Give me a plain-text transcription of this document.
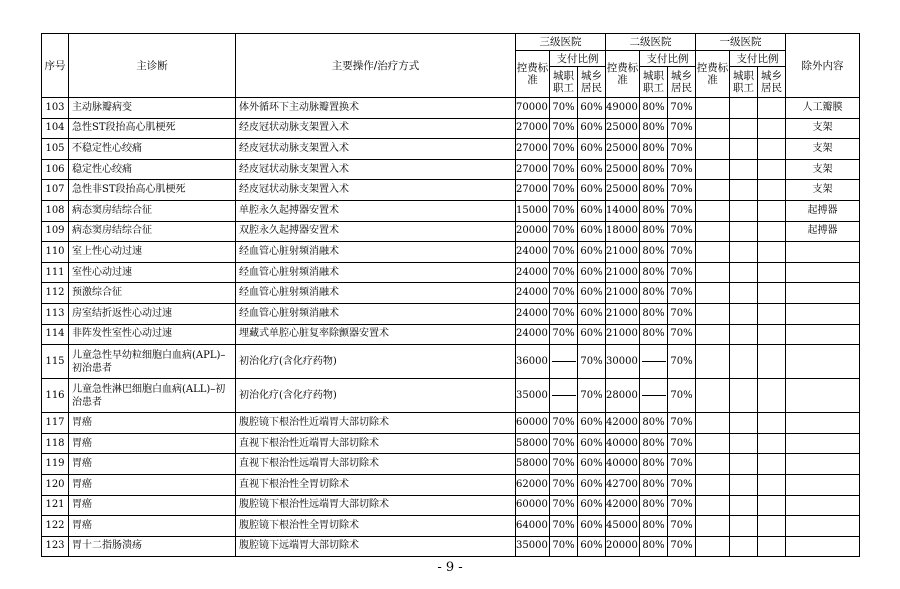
序号	主诊断	主要操作/治疗方式	三级医院			二级医院			一级医院			除外内容
			控费标准	支付比例		控费标准	支付比例		控费标准	支付比例		
				城职职工	城乡居民		城职职工	城乡居民		城职职工	城乡居民	
103	主动脉瓣病变	体外循环下主动脉瓣置换术	70000	70%	60%	49000	80%	70%				人工瓣膜
104	急性ST段抬高心肌梗死	经皮冠状动脉支架置入术	27000	70%	60%	25000	80%	70%				支架
105	不稳定性心绞痛	经皮冠状动脉支架置入术	27000	70%	60%	25000	80%	70%				支架
106	稳定性心绞痛	经皮冠状动脉支架置入术	27000	70%	60%	25000	80%	70%				支架
107	急性非ST段抬高心肌梗死	经皮冠状动脉支架置入术	27000	70%	60%	25000	80%	70%				支架
108	病态窦房结综合征	单腔永久起搏器安置术	15000	70%	60%	14000	80%	70%				起搏器
109	病态窦房结综合征	双腔永久起搏器安置术	20000	70%	60%	18000	80%	70%				起搏器
110	室上性心动过速	经血管心脏射频消融术	24000	70%	60%	21000	80%	70%				
111	室性心动过速	经血管心脏射频消融术	24000	70%	60%	21000	80%	70%				
112	预激综合征	经血管心脏射频消融术	24000	70%	60%	21000	80%	70%				
113	房室结折返性心动过速	经血管心脏射频消融术	24000	70%	60%	21000	80%	70%				
114	非阵发性室性心动过速	埋藏式单腔心脏复率除颤器安置术	24000	70%	60%	21000	80%	70%				
115	儿童急性早幼粒细胞白血病(APL)–初治患者	初治化疗(含化疗药物)	36000		70%	30000		70%				
116	儿童急性淋巴细胞白血病(ALL)–初治患者	初治化疗(含化疗药物)	35000		70%	28000		70%				
117	胃癌	腹腔镜下根治性近端胃大部切除术	60000	70%	60%	42000	80%	70%				
118	胃癌	直视下根治性近端胃大部切除术	58000	70%	60%	40000	80%	70%				
119	胃癌	直视下根治性远端胃大部切除术	58000	70%	60%	40000	80%	70%				
120	胃癌	直视下根治性全胃切除术	62000	70%	60%	42700	80%	70%				
121	胃癌	腹腔镜下根治性远端胃大部切除术	60000	70%	60%	42000	80%	70%				
122	胃癌	腹腔镜下根治性全胃切除术	64000	70%	60%	45000	80%	70%				
123	胃十二指肠溃疡	腹腔镜下远端胃大部切除术	35000	70%	60%	20000	80%	70%				
- 9 -
